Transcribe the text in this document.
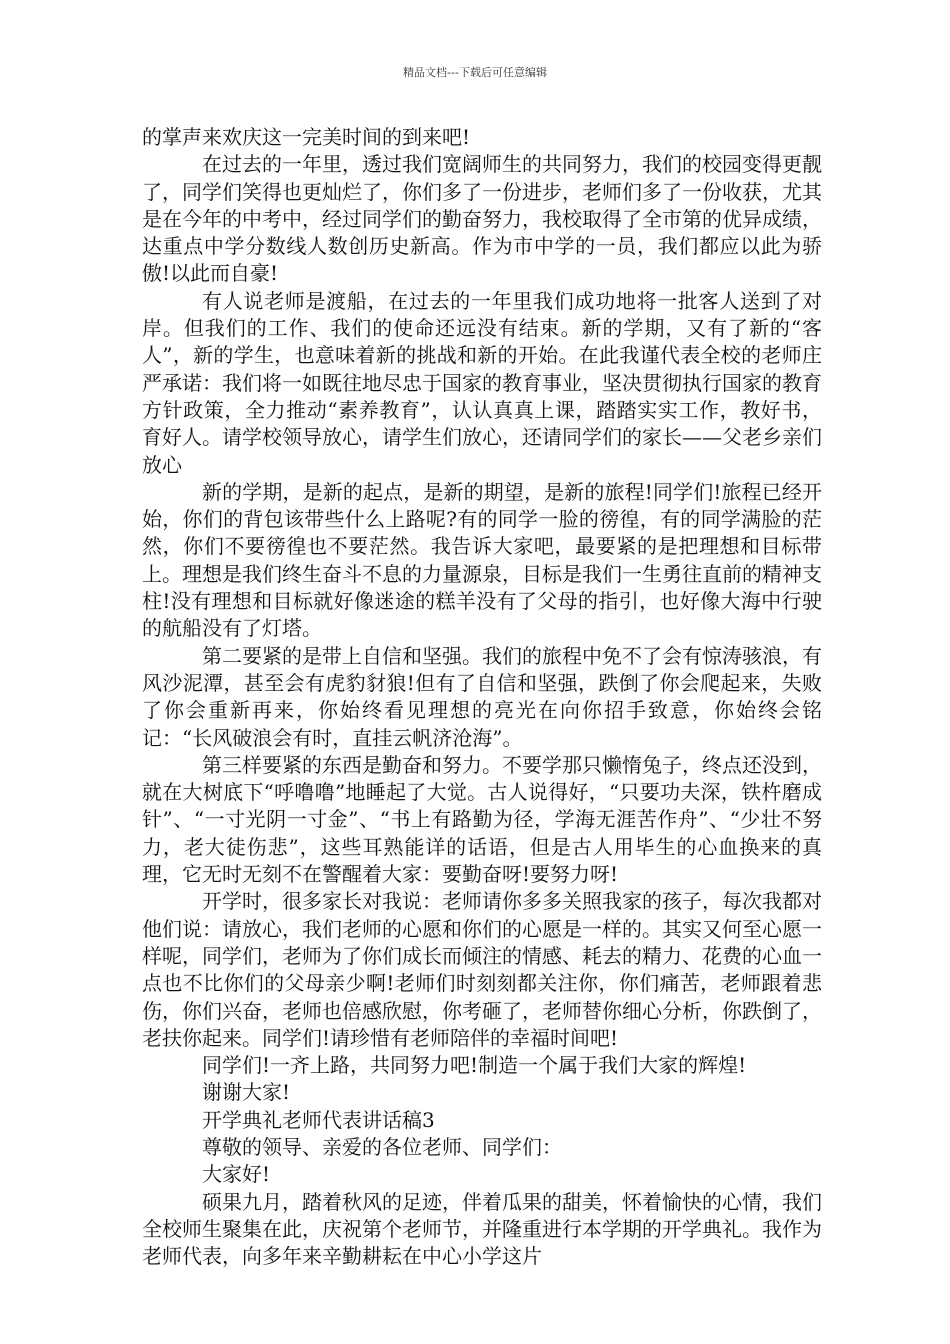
精品文档---下载后可任意编辑

的掌声来欢庆这一完美时间的到来吧!

在过去的一年里，透过我们宽阔师生的共同努力，我们的校园变得更靓了，同学们笑得也更灿烂了，你们多了一份进步，老师们多了一份收获，尤其是在今年的中考中，经过同学们的勤奋努力，我校取得了全市第的优异成绩，达重点中学分数线人数创历史新高。作为市中学的一员，我们都应以此为骄傲!以此而自豪!

有人说老师是渡船，在过去的一年里我们成功地将一批客人送到了对岸。但我们的工作、我们的使命还远没有结束。新的学期，又有了新的“客人”，新的学生，也意味着新的挑战和新的开始。在此我谨代表全校的老师庄严承诺：我们将一如既往地尽忠于国家的教育事业，坚决贯彻执行国家的教育方针政策，全力推动“素养教育”，认认真真上课，踏踏实实工作，教好书，育好人。请学校领导放心，请学生们放心，还请同学们的家长——父老乡亲们放心

新的学期，是新的起点，是新的期望，是新的旅程!同学们!旅程已经开始，你们的背包该带些什么上路呢?有的同学一脸的徬徨，有的同学满脸的茫然，你们不要徬徨也不要茫然。我告诉大家吧，最要紧的是把理想和目标带上。理想是我们终生奋斗不息的力量源泉，目标是我们一生勇往直前的精神支柱!没有理想和目标就好像迷途的糕羊没有了父母的指引，也好像大海中行驶的航船没有了灯塔。

第二要紧的是带上自信和坚强。我们的旅程中免不了会有惊涛骇浪，有风沙泥潭，甚至会有虎豹豺狼!但有了自信和坚强，跌倒了你会爬起来，失败了你会重新再来，你始终看见理想的亮光在向你招手致意，你始终会铭记：“长风破浪会有时，直挂云帆济沧海”。

第三样要紧的东西是勤奋和努力。不要学那只懒惰兔子，终点还没到，就在大树底下“呼噜噜”地睡起了大觉。古人说得好，“只要功夫深，铁杵磨成针”、“一寸光阴一寸金”、“书上有路勤为径，学海无涯苦作舟”、“少壮不努力，老大徒伤悲”，这些耳熟能详的话语，但是古人用毕生的心血换来的真理，它无时无刻不在警醒着大家：要勤奋呀!要努力呀!

开学时，很多家长对我说：老师请你多多关照我家的孩子，每次我都对他们说：请放心，我们老师的心愿和你们的心愿是一样的。其实又何至心愿一样呢，同学们，老师为了你们成长而倾注的情感、耗去的精力、花费的心血一点也不比你们的父母亲少啊!老师们时刻刻都关注你，你们痛苦，老师跟着悲伤，你们兴奋，老师也倍感欣慰，你考砸了，老师替你细心分析，你跌倒了，老扶你起来。同学们!请珍惜有老师陪伴的幸福时间吧!

同学们!一齐上路，共同努力吧!制造一个属于我们大家的辉煌!

谢谢大家!

开学典礼老师代表讲话稿3

尊敬的领导、亲爱的各位老师、同学们：

大家好!

硕果九月，踏着秋风的足迹，伴着瓜果的甜美，怀着愉快的心情，我们全校师生聚集在此，庆祝第个老师节，并隆重进行本学期的开学典礼。我作为老师代表，向多年来辛勤耕耘在中心小学这片
